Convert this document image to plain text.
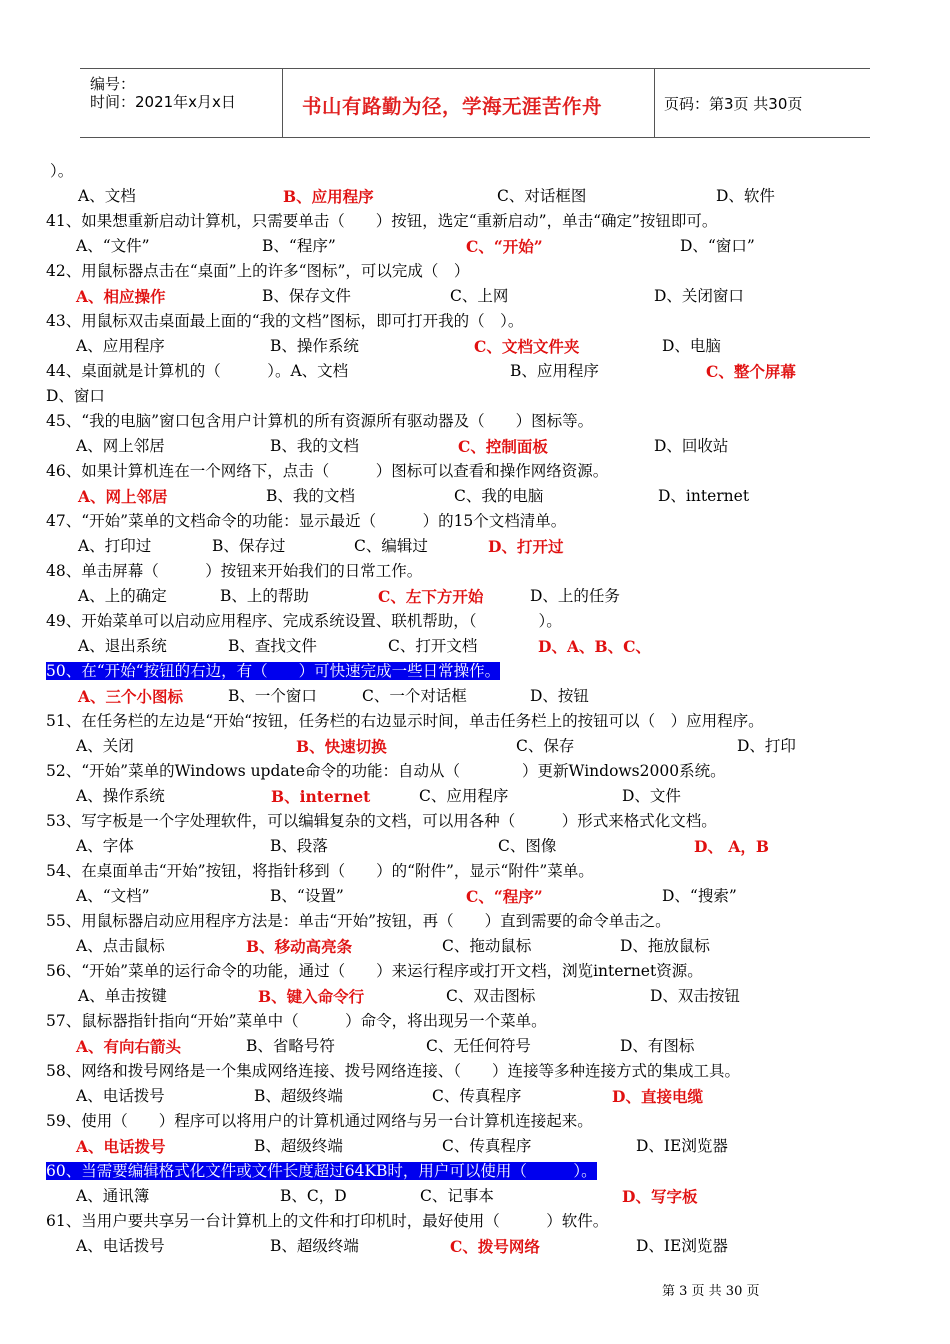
编号：
时间：2021年x月x日	书山有路勤为径，学海无涯苦作舟	页码：第3页 共30页
）。
A、文档	B、应用程序	C、对话框图	D、软件
41、如果想重新启动计算机，只需要单击（　　）按钮，选定“重新启动”，单击“确定”按钮即可。
A、“文件”	B、“程序”	C、“开始”	D、“窗口”
42、用鼠标器点击在“桌面”上的许多“图标”，可以完成（　）
A、相应操作	B、保存文件	C、上网	D、关闭窗口
43、用鼠标双击桌面最上面的“我的文档”图标，即可打开我的（　）。
A、应用程序	B、操作系统	C、文档文件夹	D、电脑
44、桌面就是计算机的（　　　）。A、文档	B、应用程序	C、整个屏幕
D、窗口
45、“我的电脑”窗口包含用户计算机的所有资源所有驱动器及（　　）图标等。
A、网上邻居	B、我的文档	C、控制面板	D、回收站
46、如果计算机连在一个网络下，点击（　　　）图标可以查看和操作网络资源。
A、网上邻居	B、我的文档	C、我的电脑	D、internet
47、“开始”菜单的文档命令的功能：显示最近（　　　）的15个文档清单。
A、打印过	B、保存过	C、编辑过	D、打开过
48、单击屏幕（　　　）按钮来开始我们的日常工作。
A、上的确定	B、上的帮助	C、左下方开始	D、上的任务
49、开始菜单可以启动应用程序、完成系统设置、联机帮助，（　　　　）。
A、退出系统	B、查找文件	C、打开文档	D、A、B、C、
50、在“开始“按钮的右边，有（　　）可快速完成一些日常操作。
A、三个小图标	B、一个窗口	C、一个对话框	D、按钮
51、在任务栏的左边是“开始“按钮，任务栏的右边显示时间，单击任务栏上的按钮可以（　）应用程序。
A、关闭	B、快速切换	C、保存	D、打印
52、“开始”菜单的Windows update命令的功能：自动从（　　　　）更新Windows2000系统。
A、操作系统	B、internet	C、应用程序	D、文件
53、写字板是一个字处理软件，可以编辑复杂的文档，可以用各种（　　　）形式来格式化文档。
A、字体	B、段落	C、图像	D、 A，B
54、在桌面单击“开始”按钮，将指针移到（　　）的“附件”，显示“附件”菜单。
A、“文档”	B、“设置”	C、“程序”	D、“搜索”
55、用鼠标器启动应用程序方法是：单击“开始”按钮，再（　　）直到需要的命令单击之。
A、点击鼠标	B、移动高亮条	C、拖动鼠标	D、拖放鼠标
56、“开始”菜单的运行命令的功能，通过（　　）来运行程序或打开文档，浏览internet资源。
A、单击按键	B、键入命令行	C、双击图标	D、双击按钮
57、鼠标器指针指向“开始”菜单中（　　　）命令，将出现另一个菜单。
A、有向右箭头	B、省略号符	C、无任何符号	D、有图标
58、网络和拨号网络是一个集成网络连接、拨号网络连接、（　　）连接等多种连接方式的集成工具。
A、电话拨号	B、超级终端	C、传真程序	D、直接电缆
59、使用（　　）程序可以将用户的计算机通过网络与另一台计算机连接起来。
A、电话拨号	B、超级终端	C、传真程序	D、IE浏览器
60、当需要编辑格式化文件或文件长度超过64KB时，用户可以使用（　　　）。
A、通讯簿	B、C，D	C、记事本	D、写字板
61、当用户要共享另一台计算机上的文件和打印机时，最好使用（　　　）软件。
A、电话拨号	B、超级终端	C、拨号网络	D、IE浏览器
第 3 页 共 30 页
